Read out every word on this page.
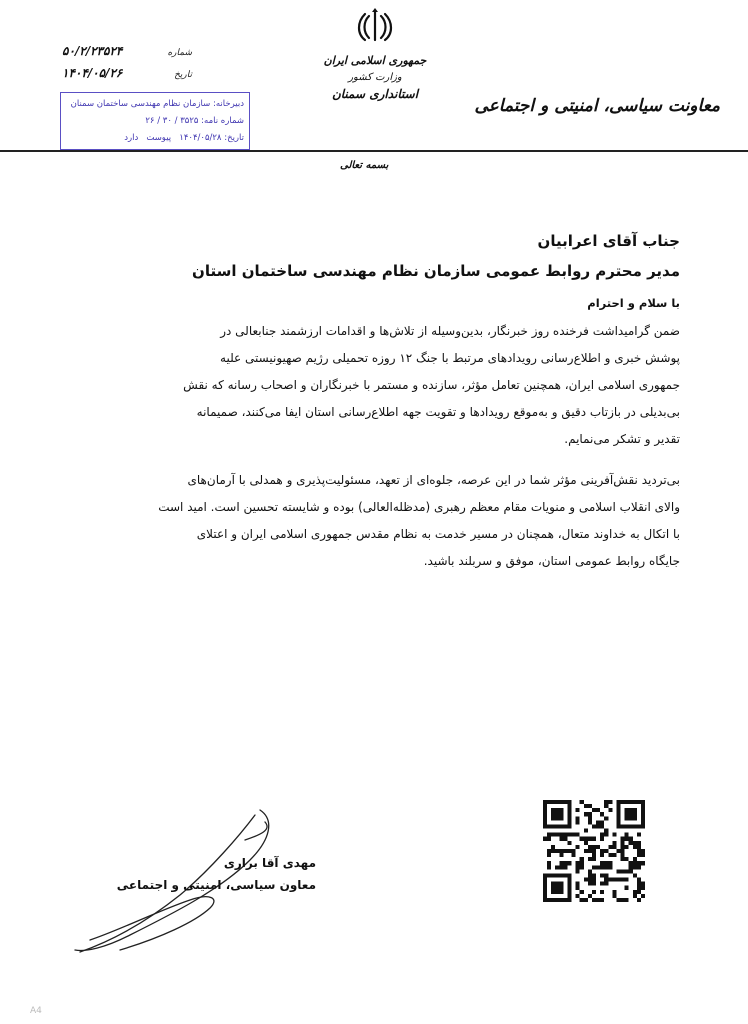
جمهوری اسلامی ایران
وزارت کشور
استانداری سمنان
معاونت سیاسی، امنیتی و اجتماعی
شماره
۵۰/۲/۲۳۵۲۴
تاریخ
۱۴۰۴/۰۵/۲۶
دبیرخانه: سازمان نظام مهندسی ساختمان سمنان
شماره نامه: ۳۵۲۵ / ۳۰ / ۲۶
تاریخ: ۱۴۰۴/۰۵/۲۸   پیوست   دارد
بسمه تعالی
جناب آقای اعرابیان
مدیر محترم روابط عمومی سازمان نظام مهندسی ساختمان استان
با سلام و احترام

ضمن گرامیداشت فرخنده روز خبرنگار، بدین‌وسیله از تلاش‌ها و اقدامات ارزشمند جنابعالی در

پوشش خبری و اطلاع‌رسانی رویدادهای مرتبط با جنگ ۱۲ روزه تحمیلی رژیم صهیونیستی علیه

جمهوری اسلامی ایران، همچنین تعامل مؤثر، سازنده و مستمر با خبرنگاران و اصحاب رسانه که نقش

بی‌بدیلی در بازتاب دقیق و به‌موقع رویدادها و تقویت جهه اطلاع‌رسانی استان ایفا می‌کنند، صمیمانه

تقدیر و تشکر می‌نمایم.

بی‌تردید نقش‌آفرینی مؤثر شما در این عرصه، جلوه‌ای از تعهد، مسئولیت‌پذیری و همدلی با آرمان‌های

والای انقلاب اسلامی و منویات مقام معظم رهبری (مدظله‌العالی) بوده و شایسته تحسین است. امید است

با اتکال به خداوند متعال، همچنان در مسیر خدمت به نظام مقدس جمهوری اسلامی ایران و اعتلای

جایگاه روابط عمومی استان، موفق و سربلند باشید.

مهدی آقا براری
معاون سیاسی، امنیتی و اجتماعی
A4
